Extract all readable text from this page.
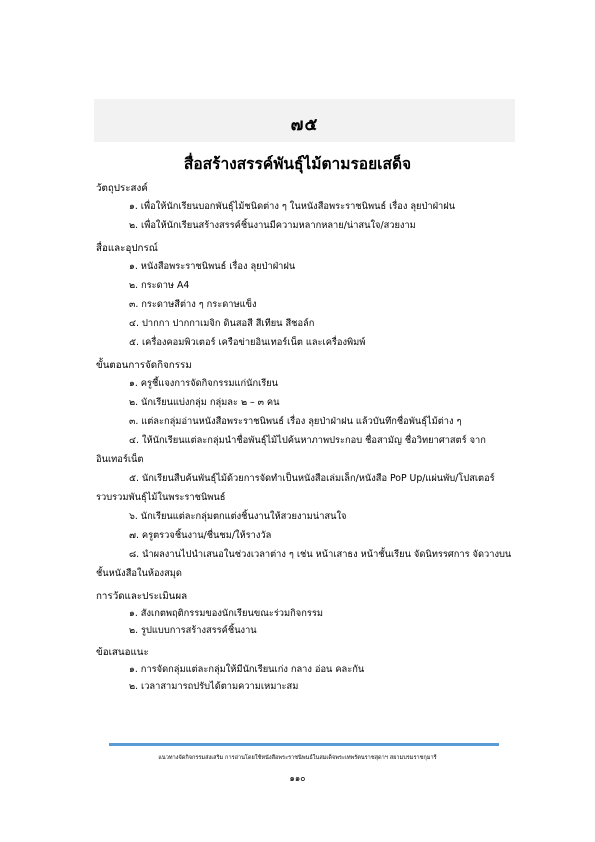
๗๕
สื่อสร้างสรรค์พันธุ์ไม้ตามรอยเสด็จ
วัตถุประสงค์
๑. เพื่อให้นักเรียนบอกพันธุ์ไม้ชนิดต่าง ๆ ในหนังสือพระราชนิพนธ์ เรื่อง ลุยป่าฝ่าฝน
๒. เพื่อให้นักเรียนสร้างสรรค์ชิ้นงานมีความหลากหลาย/น่าสนใจ/สวยงาม
สื่อและอุปกรณ์
๑. หนังสือพระราชนิพนธ์ เรื่อง ลุยป่าฝ่าฝน
๒. กระดาษ A4
๓. กระดาษสีต่าง ๆ กระดาษแข็ง
๔. ปากกา ปากกาเมจิก ดินสอสี สีเทียน สีชอล์ก
๕. เครื่องคอมพิวเตอร์ เครือข่ายอินเทอร์เน็ต และเครื่องพิมพ์
ขั้นตอนการจัดกิจกรรม
๑. ครูชี้แจงการจัดกิจกรรมแก่นักเรียน
๒. นักเรียนแบ่งกลุ่ม กลุ่มละ ๒ – ๓ คน
๓. แต่ละกลุ่มอ่านหนังสือพระราชนิพนธ์ เรื่อง ลุยป่าฝ่าฝน แล้วบันทึกชื่อพันธุ์ไม้ต่าง ๆ
๔. ให้นักเรียนแต่ละกลุ่มนำชื่อพันธุ์ไม้ไปค้นหาภาพประกอบ ชื่อสามัญ ชื่อวิทยาศาสตร์ จากอินเทอร์เน็ต
๕. นักเรียนสืบค้นพันธุ์ไม้ด้วยการจัดทำเป็นหนังสือเล่มเล็ก/หนังสือ PoP Up/แผ่นพับ/โปสเตอร์ รวบรวมพันธุ์ไม้ในพระราชนิพนธ์
๖. นักเรียนแต่ละกลุ่มตกแต่งชิ้นงานให้สวยงามน่าสนใจ
๗. ครูตรวจชิ้นงาน/ชื่นชม/ให้รางวัล
๘. นำผลงานไปนำเสนอในช่วงเวลาต่าง ๆ เช่น หน้าเสาธง หน้าชั้นเรียน จัดนิทรรศการ จัดวางบนชั้นหนังสือในห้องสมุด
การวัดและประเมินผล
๑. สังเกตพฤติกรรมของนักเรียนขณะร่วมกิจกรรม
๒. รูปแบบการสร้างสรรค์ชิ้นงาน
ข้อเสนอแนะ
๑. การจัดกลุ่มแต่ละกลุ่มให้มีนักเรียนเก่ง กลาง อ่อน คละกัน
๒. เวลาสามารถปรับได้ตามความเหมาะสม
แนวทางจัดกิจกรรมส่งเสริม การอ่านโดยใช้หนังสือพระราชนิพนธ์ในสมเด็จพระเทพรัตนราชสุดาฯ สยามบรมราชกุมารี
๑๑๐
